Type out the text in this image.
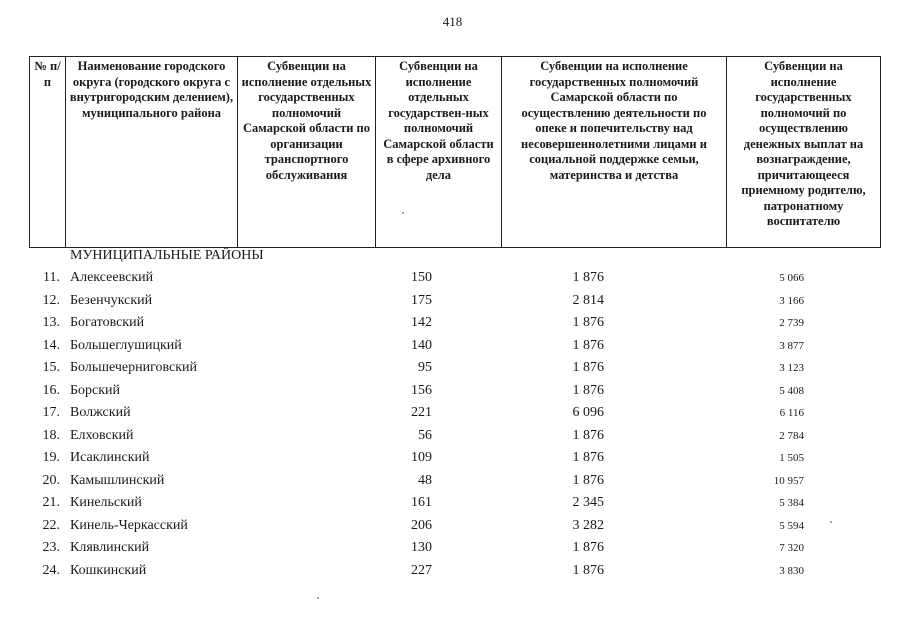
418
№ п/п	Наименование городского округа (городского округа с внутригородским делением), муниципального района	Субвенции на исполнение отдельных государственных полномочий Самарской области по организации транспортного обслуживания	Субвенции на исполнение отдельных государствен-ных полномочий Самарской области в сфере архивного дела	Субвенции на исполнение государственных полномочий Самарской области по осуществлению деятельности по опеке и попечительству над несовершеннолетними лицами и социальной поддержке семьи, материнства и детства	Субвенции на исполнение государственных полномочий по осуществлению денежных выплат на вознаграждение, причитающееся приемному родителю, патронатному воспитателю
МУНИЦИПАЛЬНЫЕ РАЙОНЫ
11. Алексеевский	150	1 876	5 066
12. Безенчукский	175	2 814	3 166
13. Богатовский	142	1 876	2 739
14. Большеглушицкий	140	1 876	3 877
15. Большечерниговский	95	1 876	3 123
16. Борский	156	1 876	5 408
17. Волжский	221	6 096	6 116
18. Елховский	56	1 876	2 784
19. Исаклинский	109	1 876	1 505
20. Камышлинский	48	1 876	10 957
21. Кинельский	161	2 345	5 384
22. Кинель-Черкасский	206	3 282	5 594
23. Клявлинский	130	1 876	7 320
24. Кошкинский	227	1 876	3 830
